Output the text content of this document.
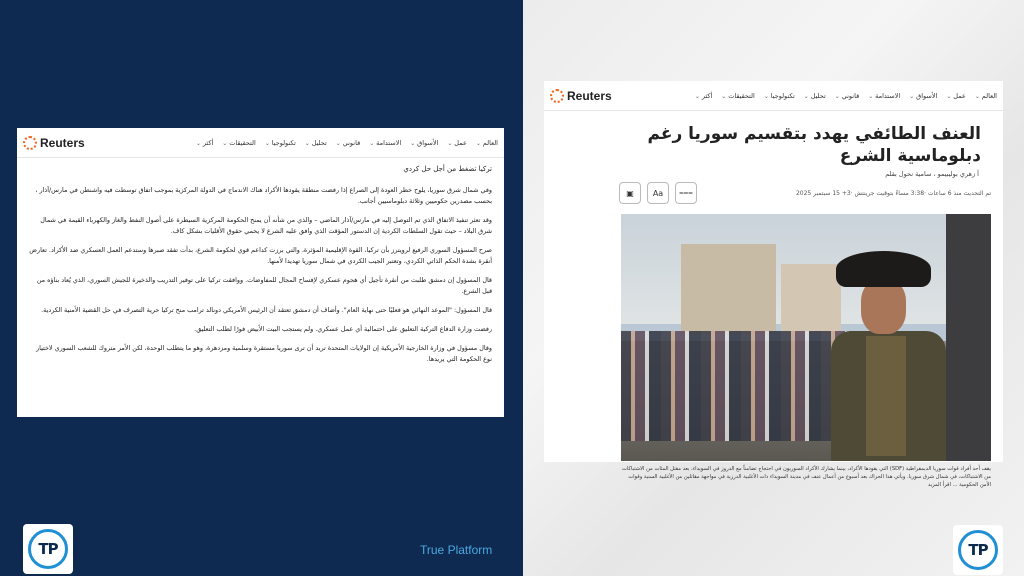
Reuters	أكثر ⌄	التحقيقات ⌄	تكنولوجيا ⌄	تحليل ⌄	قانوني ⌄	الاستدامة ⌄	الأسواق ⌄	عمل ⌄	العالم ⌄

تركيا تضغط من أجل حل كردي

وفي شمال شرق سوريا، يلوح خطر العودة إلى الصراع إذا رفضت منطقة يقودها الأكراد هناك الاندماج في الدولة المركزية بموجب اتفاق توسطت فيه واشنطن في مارس/آذار ، بحسب مصدرين حكوميين وثلاثة دبلوماسيين أجانب.

وقد تعثر تنفيذ الاتفاق الذي تم التوصل إليه في مارس/آذار الماضي – والذي من شأنه أن يمنح الحكومة المركزية السيطرة على أصول النفط والغاز والكهرباء القيمة في شمال شرق البلاد – حيث تقول السلطات الكردية إن الدستور المؤقت الذي وافق عليه الشرع لا يحمي حقوق الأقليات بشكل كاف.

صرح المسؤول السوري الرفيع لرويترز بأن تركيا، القوة الإقليمية المؤثرة، والتي برزت كداعم قوي لحكومة الشرع، بدأت تفقد صبرها وستدعم العمل العسكري ضد الأكراد. تعارض أنقرة بشدة الحكم الذاتي الكردي، وتعتبر الجيب الكردي في شمال سوريا تهديدا لأمنها.

قال المسؤول إن دمشق طلبت من أنقرة تأجيل أي هجوم عسكري لإفساح المجال للمفاوضات. ووافقت تركيا على توفير التدريب والذخيرة للجيش السوري، الذي يُعاد بناؤه من قبل الشرع.

قال المسؤول: "الموعد النهائي هو فعليًا حتى نهاية العام". وأضاف أن دمشق تعتقد أن الرئيس الأمريكي دونالد ترامب منح تركيا حرية التصرف في حل القضية الأمنية الكردية.

رفضت وزارة الدفاع التركية التعليق على احتمالية أي عمل عسكري. ولم يستجب البيت الأبيض فورًا لطلب التعليق.

وقال مسؤول في وزارة الخارجية الأمريكية إن الولايات المتحدة تريد أن ترى سوريا مستقرة وسلمية ومزدهرة، وهو ما يتطلب الوحدة، لكن الأمر متروك للشعب السوري لاختيار نوع الحكومة التي يريدها.

Reuters	أكثر ⌄	التحقيقات ⌄	تكنولوجيا ⌄	تحليل ⌄	قانوني ⌄	الاستدامة ⌄	الأسواق ⌄	عمل ⌄	العالم ⌄
العنف الطائفي يهدد بتقسيم سوريا رغم دبلوماسية الشرع
أ زهري بوليبيمو ، سامية نحول بقلم
▣	Aa	⩶	تم التحديث منذ 6 ساعات ·3:38 مساءً بتوقيت جرينتش ·3+ 15 سبتمبر 2025
يقف أحد أفراد قوات سوريا الديمقراطية (SDF) التي يقودها الأكراد، بينما يشارك الأكراد السوريون في احتجاج تضامناً مع الدروز في السويداء، بعد مقتل المئات من الاشتباكات من الاشتباكات، في شمال شرق سوريا. ويأتي هذا الحراك بعد أسبوع من أعمال عنف في مدينة السويداء ذات الأغلبية الدرزية في مواجهة مقاتلين من الأغلبية السنية وقوات الأمن الحكومية ... اقرأ المزيد
TP	True Platform	TP
